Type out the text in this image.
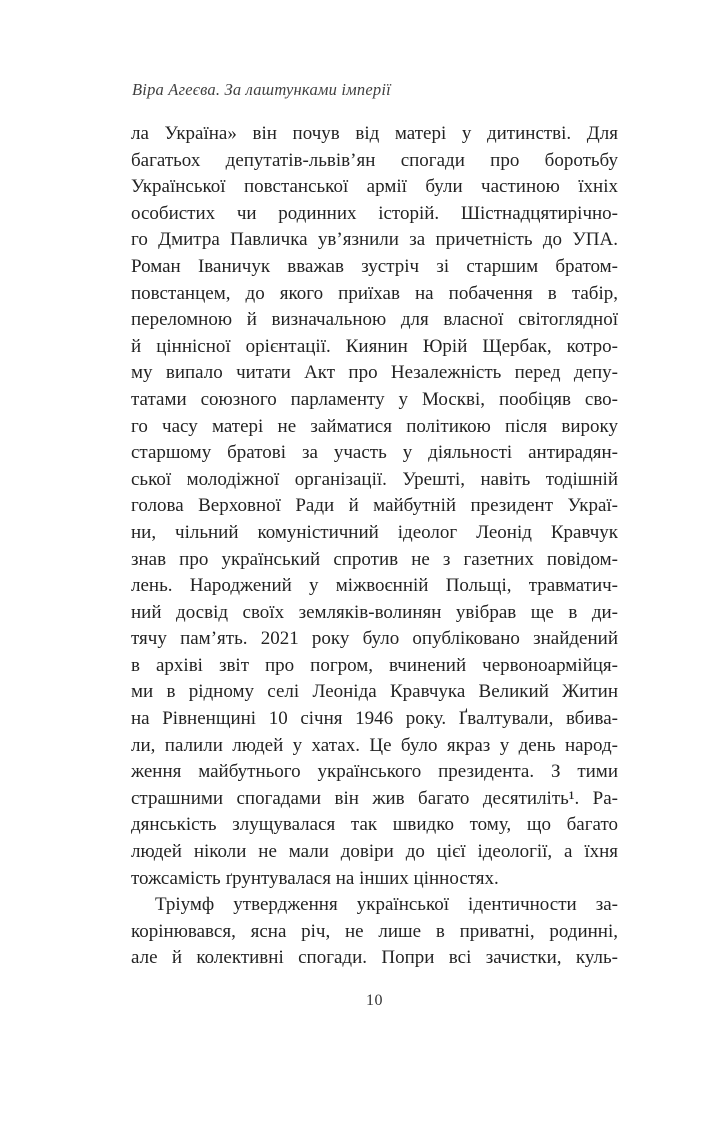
Віра Агеєва. За лаштунками імперії
ла Україна» він почув від матері у дитинстві. Для
багатьох депутатів-львів’ян спогади про боротьбу
Української повстанської армії були частиною їхніх
особистих чи родинних історій. Шістнадцятирічно-
го Дмитра Павличка ув’язнили за причетність до УПА.
Роман Іваничук вважав зустріч зі старшим братом-
повстанцем, до якого приїхав на побачення в табір,
переломною й визначальною для власної світоглядної
й ціннісної орієнтації. Киянин Юрій Щербак, котро-
му випало читати Акт про Незалежність перед депу-
татами союзного парламенту у Москві, пообіцяв сво-
го часу матері не займатися політикою після вироку
старшому братові за участь у діяльності антирадян-
ської молодіжної організації. Урешті, навіть тодішній
голова Верховної Ради й майбутній президент Украї-
ни, чільний комуністичний ідеолог Леонід Кравчук
знав про український спротив не з газетних повідом-
лень. Народжений у міжвоєнній Польщі, травматич-
ний досвід своїх земляків-волинян увібрав ще в ди-
тячу пам’ять. 2021 року було опубліковано знайдений
в архіві звіт про погром, вчинений червоноармійця-
ми в рідному селі Леоніда Кравчука Великий Житин
на Рівненщині 10 січня 1946 року. Ґвалтували, вбива-
ли, палили людей у хатах. Це було якраз у день народ-
ження майбутнього українського президента. З тими
страшними спогадами він жив багато десятиліть¹. Ра-
дянськість злущувалася так швидко тому, що багато
людей ніколи не мали довіри до цієї ідеології, а їхня
тожсамість ґрунтувалася на інших цінностях.
Тріумф утвердження української ідентичности за-
корінювався, ясна річ, не лише в приватні, родинні,
але й колективні спогади. Попри всі зачистки, куль-
10
